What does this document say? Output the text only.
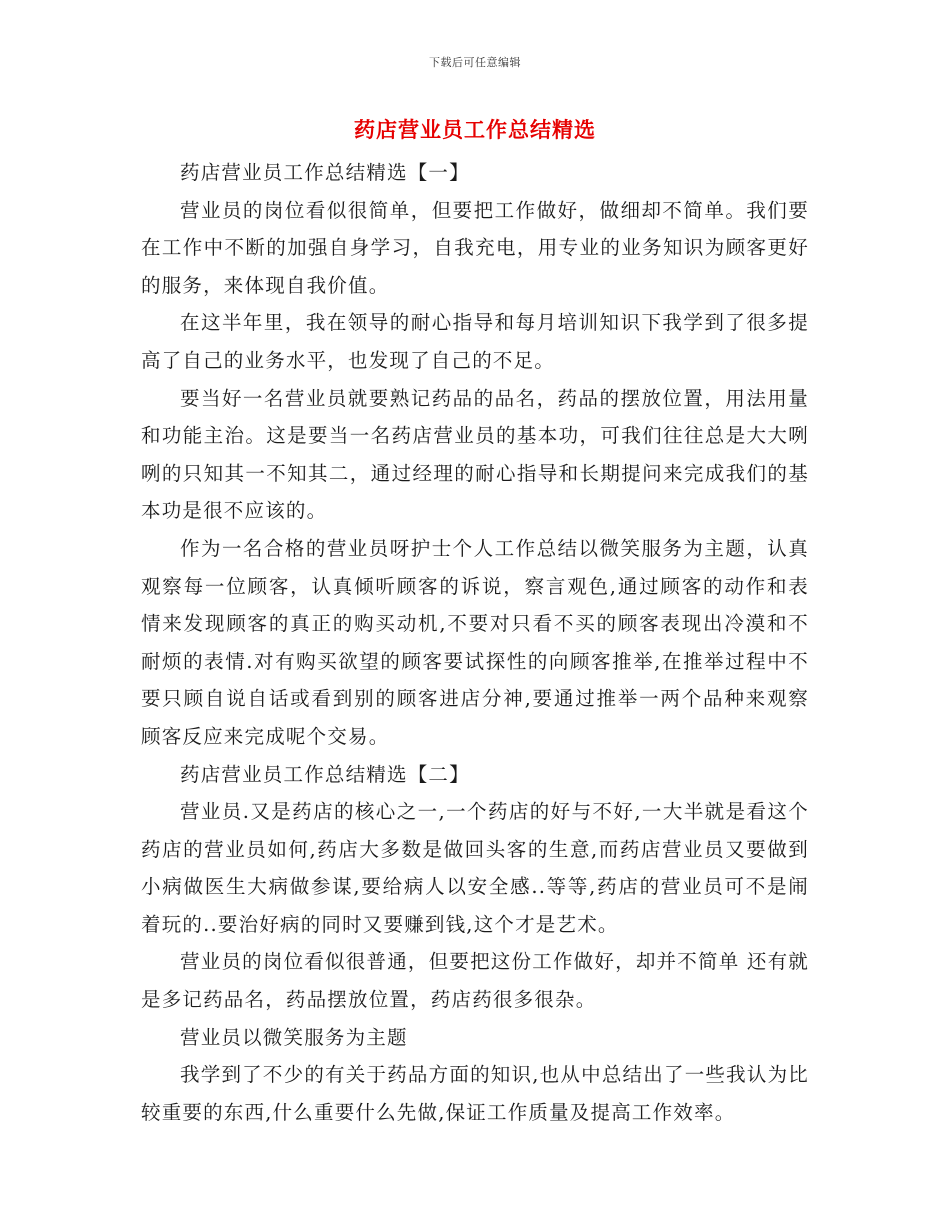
下载后可任意编辑
药店营业员工作总结精选

药店营业员工作总结精选【一】

营业员的岗位看似很简单，但要把工作做好，做细却不简单。我们要在工作中不断的加强自身学习，自我充电，用专业的业务知识为顾客更好的服务，来体现自我价值。

在这半年里，我在领导的耐心指导和每月培训知识下我学到了很多提高了自己的业务水平，也发现了自己的不足。

要当好一名营业员就要熟记药品的品名，药品的摆放位置，用法用量和功能主治。这是要当一名药店营业员的基本功，可我们往往总是大大咧咧的只知其一不知其二，通过经理的耐心指导和长期提问来完成我们的基本功是很不应该的。

作为一名合格的营业员呀护士个人工作总结以微笑服务为主题，认真观察每一位顾客，认真倾听顾客的诉说，察言观色,通过顾客的动作和表情来发现顾客的真正的购买动机,不要对只看不买的顾客表现出冷漠和不耐烦的表情.对有购买欲望的顾客要试探性的向顾客推举,在推举过程中不要只顾自说自话或看到别的顾客进店分神,要通过推举一两个品种来观察顾客反应来完成呢个交易。

药店营业员工作总结精选【二】

营业员.又是药店的核心之一,一个药店的好与不好,一大半就是看这个药店的营业员如何,药店大多数是做回头客的生意,而药店营业员又要做到小病做医生大病做参谋,要给病人以安全感..等等,药店的营业员可不是闹着玩的..要治好病的同时又要赚到钱,这个才是艺术。

营业员的岗位看似很普通，但要把这份工作做好，却并不简单 还有就是多记药品名，药品摆放位置，药店药很多很杂。

营业员以微笑服务为主题

我学到了不少的有关于药品方面的知识,也从中总结出了一些我认为比较重要的东西,什么重要什么先做,保证工作质量及提高工作效率。
